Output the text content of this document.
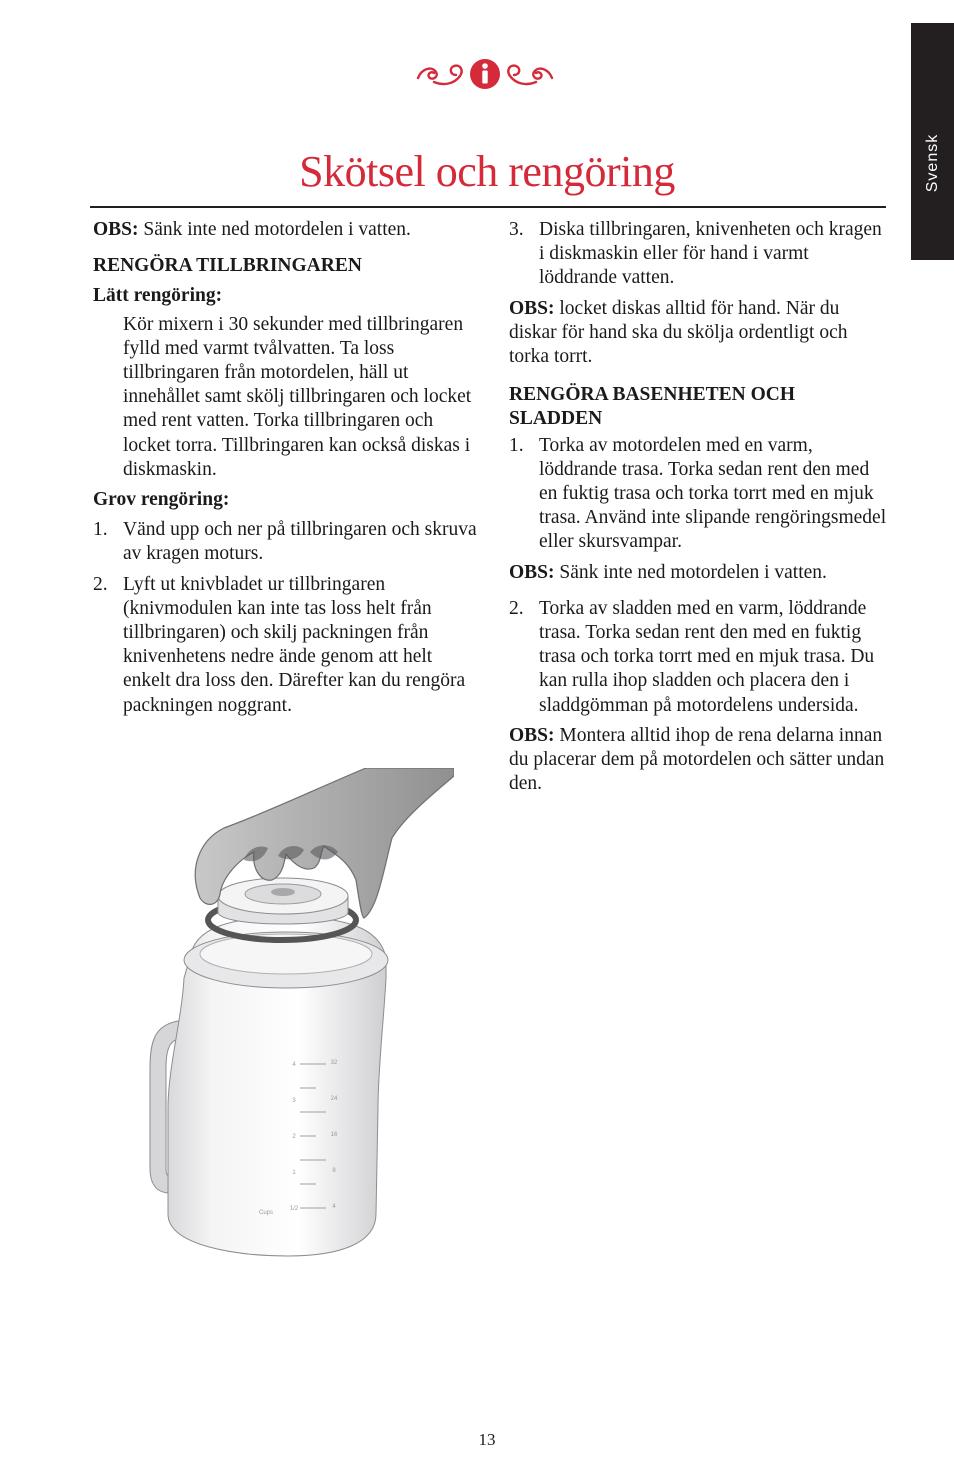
Svensk
Skötsel och rengöring

OBS: Sänk inte ned motordelen i vatten.

RENGÖRA TILLBRINGAREN

Lätt rengöring:

Kör mixern i 30 sekunder med tillbringaren fylld med varmt tvålvatten. Ta loss tillbringaren från motordelen, häll ut innehållet samt skölj tillbringaren och locket med rent vatten. Torka tillbringaren och locket torra. Tillbringaren kan också diskas i diskmaskin.

Grov rengöring:

1. Vänd upp och ner på tillbringaren och skruva av kragen moturs.
2. Lyft ut knivbladet ur tillbringaren (knivmodulen kan inte tas loss helt från tillbringaren) och skilj packningen från knivenhetens nedre ände genom att helt enkelt dra loss den. Därefter kan du rengöra packningen noggrant.
3. Diska tillbringaren, knivenheten och kragen i diskmaskin eller för hand i varmt löddrande vatten.

OBS: locket diskas alltid för hand. När du diskar för hand ska du skölja ordentligt och torka torrt.

RENGÖRA BASENHETEN OCH SLADDEN

1. Torka av motordelen med en varm, löddrande trasa. Torka sedan rent den med en fuktig trasa och torka torrt med en mjuk trasa. Använd inte slipande rengöringsmedel eller skursvampar.

OBS: Sänk inte ned motordelen i vatten.

2. Torka av sladden med en varm, löddrande trasa. Torka sedan rent den med en fuktig trasa och torka torrt med en mjuk trasa. Du kan rulla ihop sladden och placera den i sladdgömman på motordelens undersida.

OBS: Montera alltid ihop de rena delarna innan du placerar dem på motordelen och sätter undan den.

4
3
2
1
1/2
32
24
16
8
4
Cups
13
